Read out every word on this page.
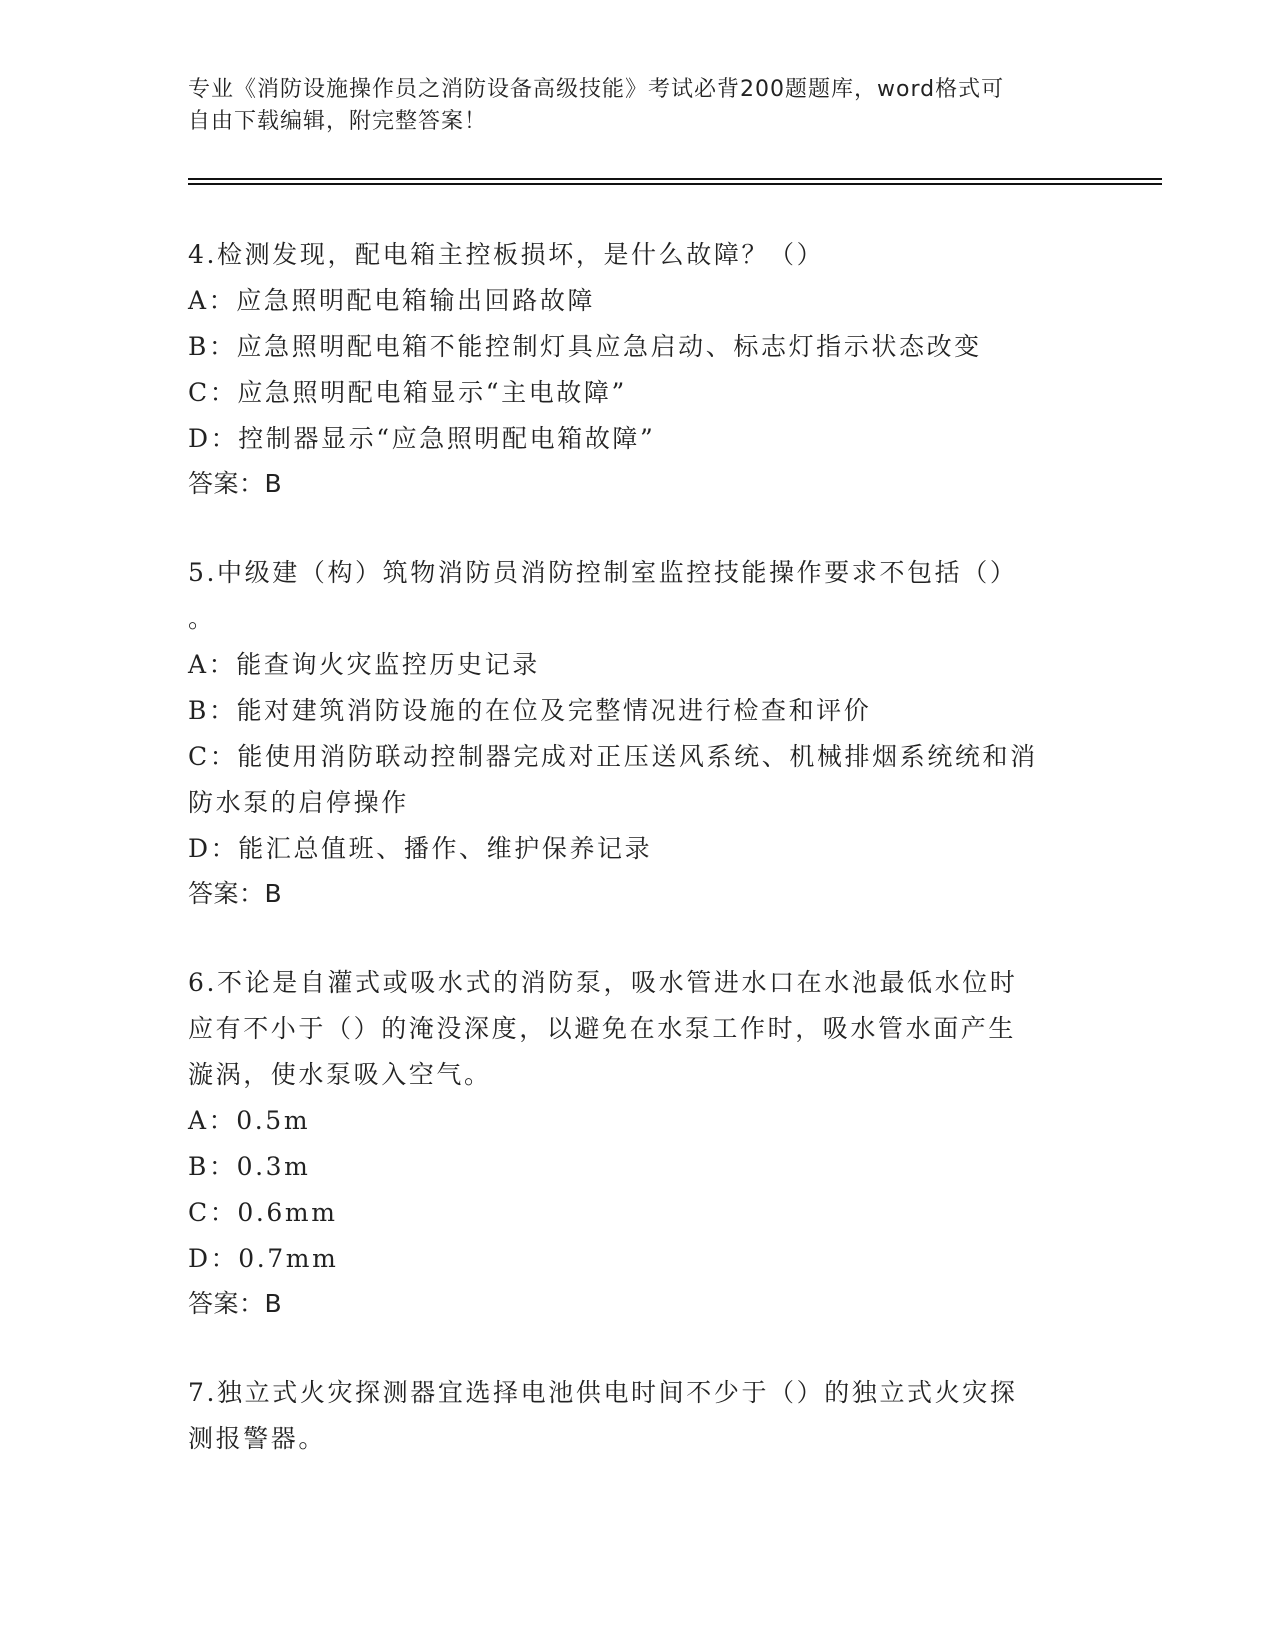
专业《消防设施操作员之消防设备高级技能》考试必背200题题库，word格式可
自由下载编辑，附完整答案！
4.检测发现，配电箱主控板损坏，是什么故障？（）
A：应急照明配电箱输出回路故障
B：应急照明配电箱不能控制灯具应急启动、标志灯指示状态改变
C：应急照明配电箱显示“主电故障”
D：控制器显示“应急照明配电箱故障”
答案：B
5.中级建（构）筑物消防员消防控制室监控技能操作要求不包括（）
。
A：能查询火灾监控历史记录
B：能对建筑消防设施的在位及完整情况进行检查和评价
C：能使用消防联动控制器完成对正压送风系统、机械排烟系统统和消
防水泵的启停操作
D：能汇总值班、播作、维护保养记录
答案：B
6.不论是自灌式或吸水式的消防泵，吸水管进水口在水池最低水位时
应有不小于（）的淹没深度，以避免在水泵工作时，吸水管水面产生
漩涡，使水泵吸入空气。
A：0.5m
B：0.3m
C：0.6mm
D：0.7mm
答案：B
7.独立式火灾探测器宜选择电池供电时间不少于（）的独立式火灾探
测报警器。
